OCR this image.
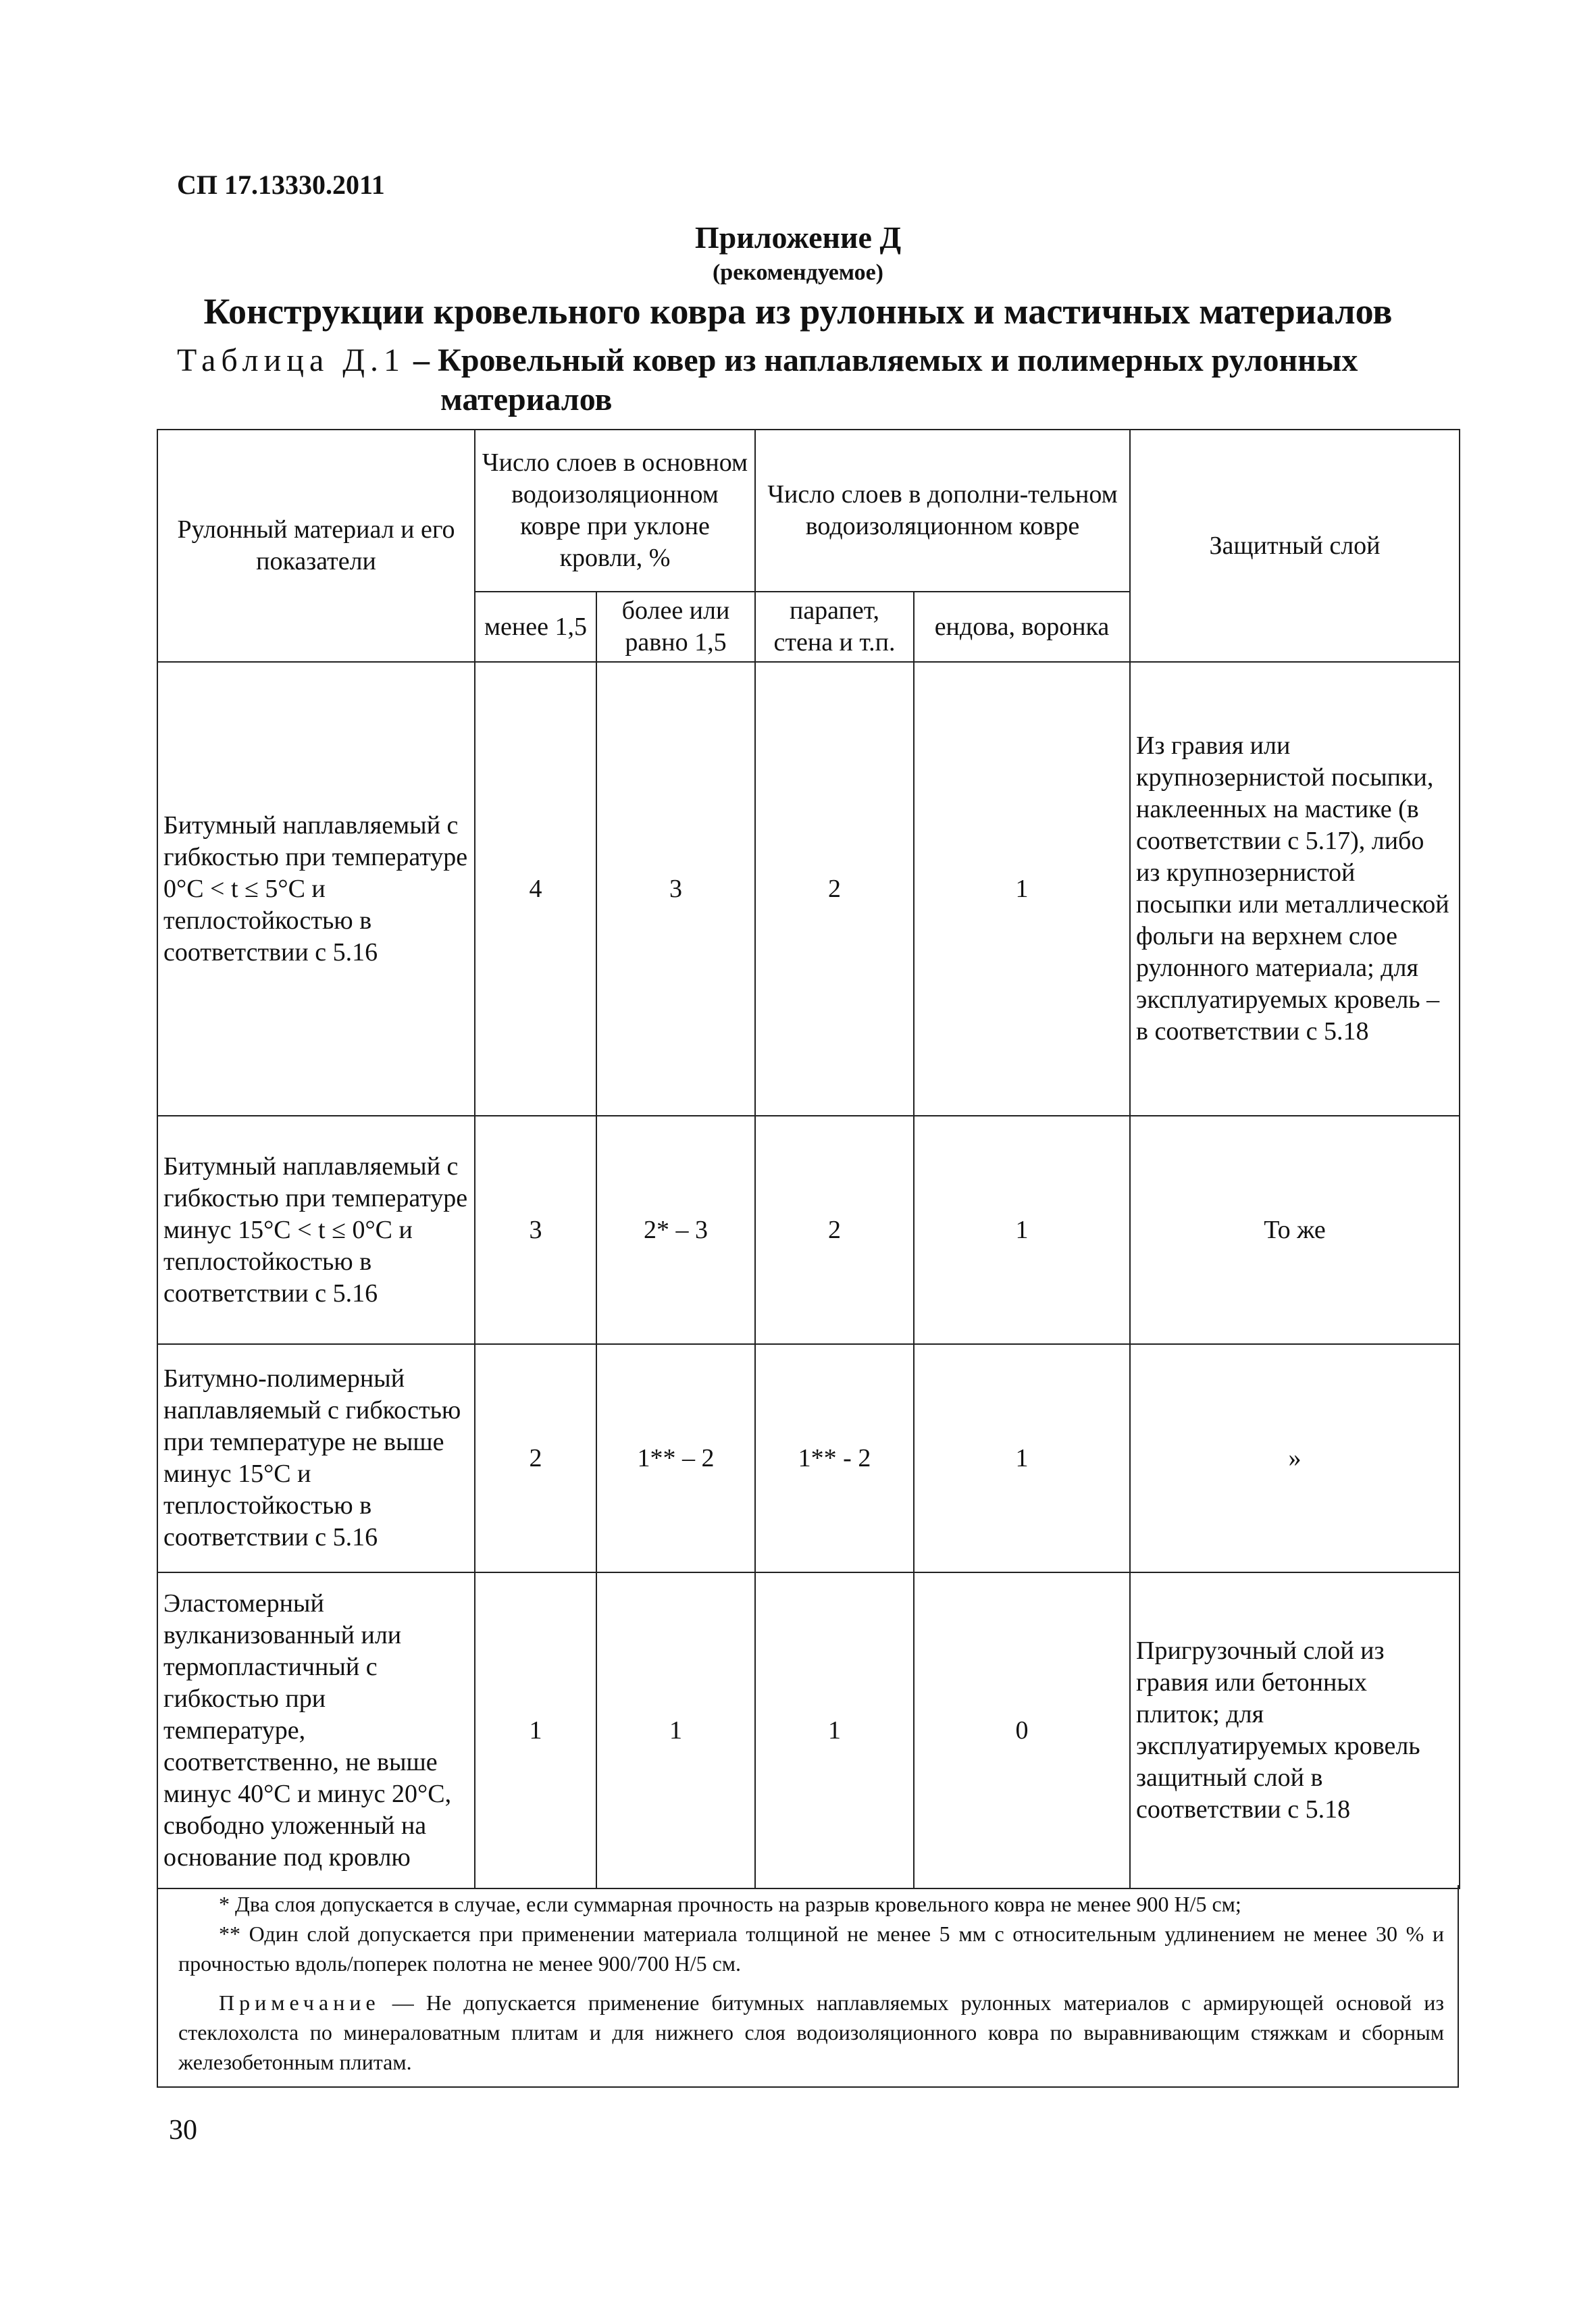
СП 17.13330.2011
Приложение Д
(рекомендуемое)
Конструкции кровельного ковра из рулонных и мастичных материалов
Таблица Д.1 – Кровельный ковер из наплавляемых и полимерных рулонных
материалов
Рулонный материал и его показатели	Число слоев в основном водоизоляционном ковре при уклоне кровли, %		Число слоев в дополни-тельном водоизоляционном ковре		Защитный слой
	менее 1,5	более или равно 1,5	парапет, стена и т.п.	ендова, воронка	
Битумный наплавляемый с гибкостью при температуре 0°С < t ≤ 5°С и теплостойкостью в соответствии с 5.16	4	3	2	1	Из гравия или крупнозернистой посыпки, наклеенных на мастике (в соответствии с 5.17), либо из крупнозернистой посыпки или металлической фольги на верхнем слое рулонного материала; для эксплуатируемых кровель – в соответствии с 5.18
Битумный наплавляемый с гибкостью при температуре минус 15°С < t ≤ 0°С и теплостойкостью в соответствии с 5.16	3	2* – 3	2	1	То же
Битумно-полимерный наплавляемый с гибкостью при температуре не выше минус 15°С и теплостойкостью в соответствии с 5.16	2	1** – 2	1** - 2	1	»
Эластомерный вулканизованный или термопластичный с гибкостью при температуре, соответственно, не выше минус 40°С и минус 20°С, свободно уложенный на основание под кровлю	1	1	1	0	Пригрузочный слой из гравия или бетонных плиток; для эксплуатируемых кровель защитный слой в соответствии с 5.18

* Два слоя допускается в случае, если суммарная прочность на разрыв кровельного ковра не менее 900 Н/5 см;

** Один слой допускается при применении материала толщиной не менее 5 мм с относительным удлинением не менее 30 % и прочностью вдоль/поперек полотна не менее 900/700 Н/5 см.

Примечание — Не допускается применение битумных наплавляемых рулонных материалов с армирующей основой из стеклохолста по минераловатным плитам и для нижнего слоя водоизоляционного ковра по выравнивающим стяжкам и сборным железобетонным плитам.

30
